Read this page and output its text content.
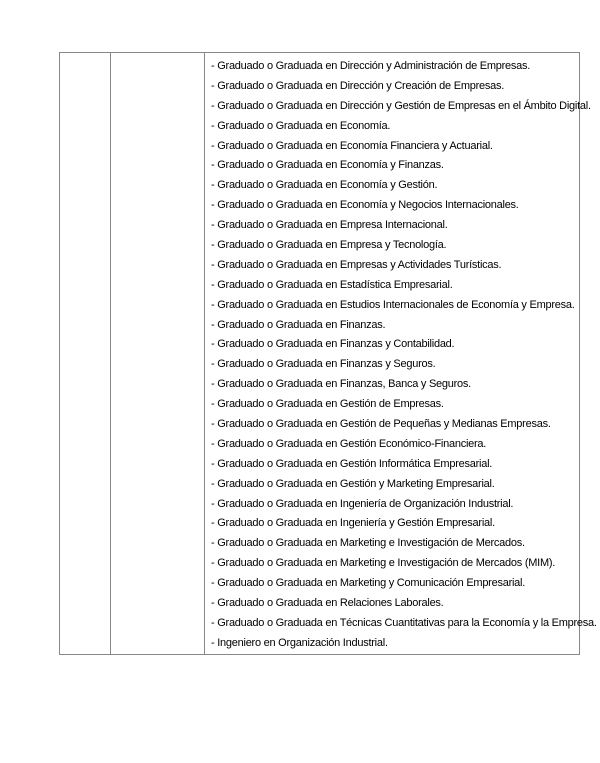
- Graduado o Graduada en Dirección y Administración de Empresas.
- Graduado o Graduada en Dirección y Creación de Empresas.
- Graduado o Graduada en Dirección y Gestión de Empresas en el Ámbito Digital.
- Graduado o Graduada en Economía.
- Graduado o Graduada en Economía Financiera y Actuarial.
- Graduado o Graduada en Economía y Finanzas.
- Graduado o Graduada en Economía y Gestión.
- Graduado o Graduada en Economía y Negocios Internacionales.
- Graduado o Graduada en Empresa Internacional.
- Graduado o Graduada en Empresa y Tecnología.
- Graduado o Graduada en Empresas y Actividades Turísticas.
- Graduado o Graduada en Estadística Empresarial.
- Graduado o Graduada en Estudios Internacionales de Economía y Empresa.
- Graduado o Graduada en Finanzas.
- Graduado o Graduada en Finanzas y Contabilidad.
- Graduado o Graduada en Finanzas y Seguros.
- Graduado o Graduada en Finanzas, Banca y Seguros.
- Graduado o Graduada en Gestión de Empresas.
- Graduado o Graduada en Gestión de Pequeñas y Medianas Empresas.
- Graduado o Graduada en Gestión Económico-Financiera.
- Graduado o Graduada en Gestión Informática Empresarial.
- Graduado o Graduada en Gestión y Marketing Empresarial.
- Graduado o Graduada en Ingeniería de Organización Industrial.
- Graduado o Graduada en Ingeniería y Gestión Empresarial.
- Graduado o Graduada en Marketing e Investigación de Mercados.
- Graduado o Graduada en Marketing e Investigación de Mercados (MIM).
- Graduado o Graduada en Marketing y Comunicación Empresarial.
- Graduado o Graduada en Relaciones Laborales.
- Graduado o Graduada en Técnicas Cuantitativas para la Economía y la Empresa.
- Ingeniero en Organización Industrial.
